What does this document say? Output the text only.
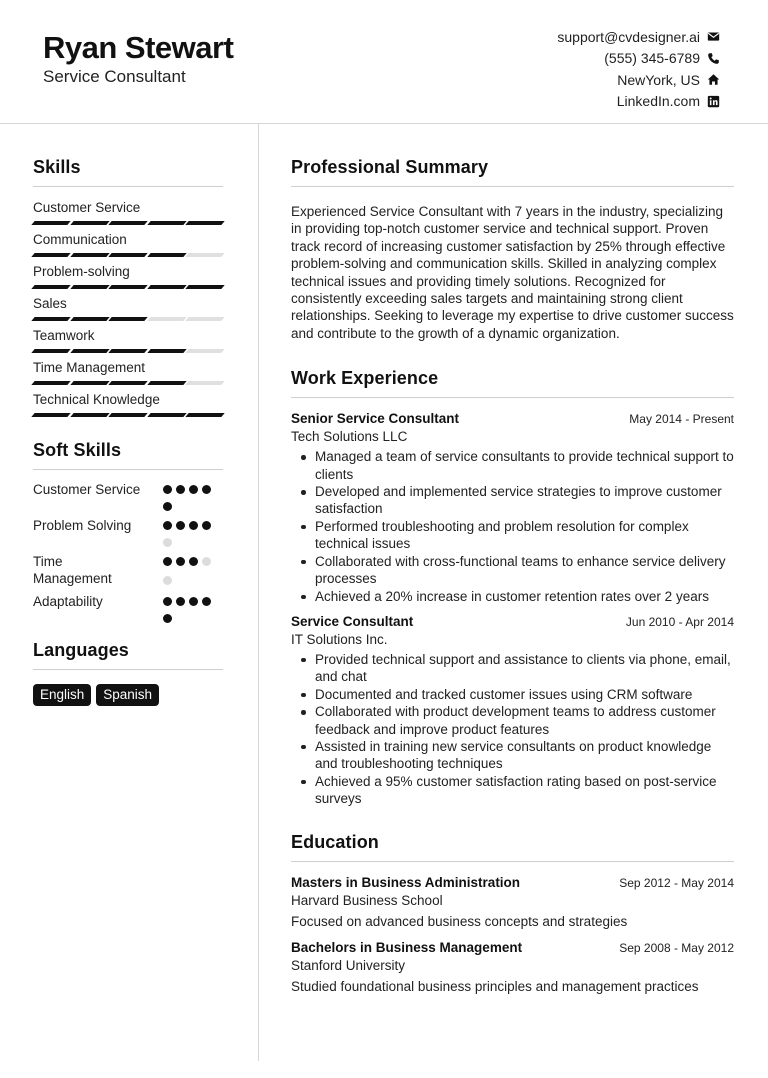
Ryan Stewart
Service Consultant
support@cvdesigner.ai
(555) 345-6789
NewYork, US
LinkedIn.com
Skills
Customer Service
Communication
Problem-solving
Sales
Teamwork
Time Management
Technical Knowledge
Soft Skills
Customer Service
Problem Solving
Time Management
Adaptability
Languages
English	Spanish
Professional Summary
Experienced Service Consultant with 7 years in the industry, specializing in providing top-notch customer service and technical support. Proven track record of increasing customer satisfaction by 25% through effective problem-solving and communication skills. Skilled in analyzing complex technical issues and providing timely solutions. Recognized for consistently exceeding sales targets and maintaining strong client relationships. Seeking to leverage my expertise to drive customer success and contribute to the growth of a dynamic organization.
Work Experience
Senior Service Consultant	May 2014 - Present
Tech Solutions LLC
Managed a team of service consultants to provide technical support to clients
Developed and implemented service strategies to improve customer satisfaction
Performed troubleshooting and problem resolution for complex technical issues
Collaborated with cross-functional teams to enhance service delivery processes
Achieved a 20% increase in customer retention rates over 2 years
Service Consultant	Jun 2010 - Apr 2014
IT Solutions Inc.
Provided technical support and assistance to clients via phone, email, and chat
Documented and tracked customer issues using CRM software
Collaborated with product development teams to address customer feedback and improve product features
Assisted in training new service consultants on product knowledge and troubleshooting techniques
Achieved a 95% customer satisfaction rating based on post-service surveys
Education
Masters in Business Administration	Sep 2012 - May 2014
Harvard Business School
Focused on advanced business concepts and strategies
Bachelors in Business Management	Sep 2008 - May 2012
Stanford University
Studied foundational business principles and management practices
